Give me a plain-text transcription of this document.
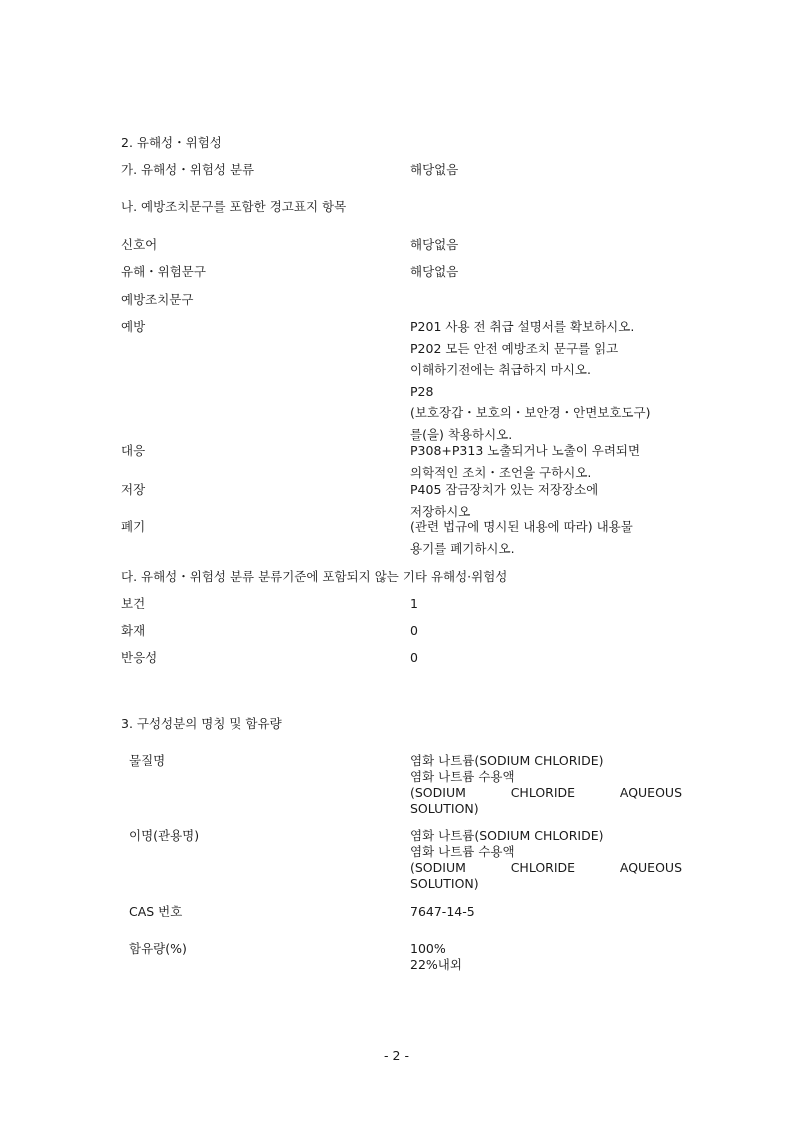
2. 유해성・위험성
가. 유해성・위험성 분류	해당없음
나. 예방조치문구를 포함한 경고표지 항목
신호어	해당없음
유해・위험문구	해당없음
예방조치문구
예방	P201 사용 전 취급 설명서를 확보하시오.
P202 모든 안전 예방조치 문구를 읽고
이해하기전에는 취급하지 마시오.
P28
(보호장갑・보호의・보안경・안면보호도구)
를(을) 착용하시오.
대응	P308+P313 노출되거나 노출이 우려되면
의학적인 조치・조언을 구하시오.
저장	P405 잠금장치가 있는 저장장소에
저장하시오
폐기	(관련 법규에 명시된 내용에 따라) 내용물
용기를 폐기하시오.
다. 유해성・위험성 분류 분류기준에 포함되지 않는 기타 유해성·위험성
보건	1
화재	0
반응성	0
3. 구성성분의 명칭 및 함유량
물질명	염화 나트륨(SODIUM CHLORIDE)
염화 나트륨 수용액
(SODIUM	CHLORIDE	AQUEOUS
SOLUTION)
이명(관용명)	염화 나트륨(SODIUM CHLORIDE)
염화 나트륨 수용액
(SODIUM	CHLORIDE	AQUEOUS
SOLUTION)
CAS 번호	7647-14-5
함유량(%)	100%
22%내외
- 2 -
